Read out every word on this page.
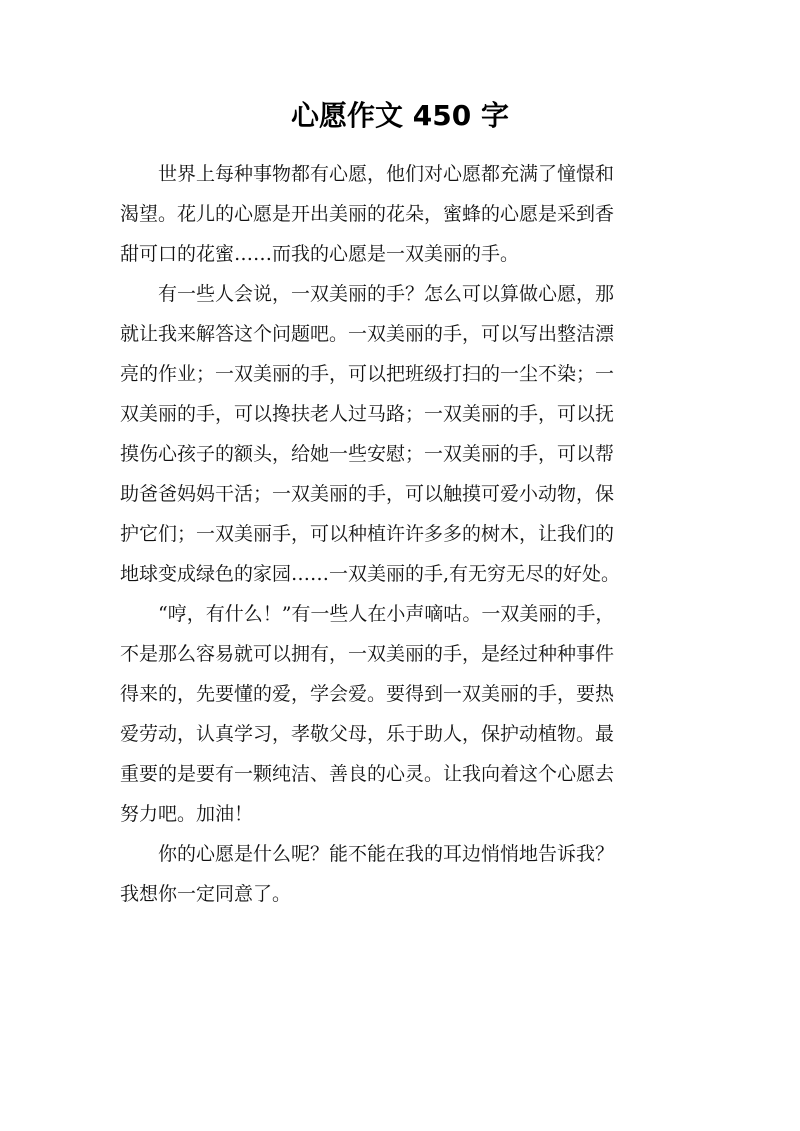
心愿作文 450 字

世界上每种事物都有心愿，他们对心愿都充满了憧憬和
渴望。花儿的心愿是开出美丽的花朵，蜜蜂的心愿是采到香
甜可口的花蜜……而我的心愿是一双美丽的手。

有一些人会说，一双美丽的手？怎么可以算做心愿，那
就让我来解答这个问题吧。一双美丽的手，可以写出整洁漂
亮的作业；一双美丽的手，可以把班级打扫的一尘不染；一
双美丽的手，可以搀扶老人过马路；一双美丽的手，可以抚
摸伤心孩子的额头，给她一些安慰；一双美丽的手，可以帮
助爸爸妈妈干活；一双美丽的手，可以触摸可爱小动物，保
护它们；一双美丽手，可以种植许许多多的树木，让我们的
地球变成绿色的家园……一双美丽的手,有无穷无尽的好处。

“哼，有什么！”有一些人在小声嘀咕。一双美丽的手，
不是那么容易就可以拥有，一双美丽的手，是经过种种事件
得来的，先要懂的爱，学会爱。要得到一双美丽的手，要热
爱劳动，认真学习，孝敬父母，乐于助人，保护动植物。最
重要的是要有一颗纯洁、善良的心灵。让我向着这个心愿去
努力吧。加油！

你的心愿是什么呢？能不能在我的耳边悄悄地告诉我？
我想你一定同意了。
